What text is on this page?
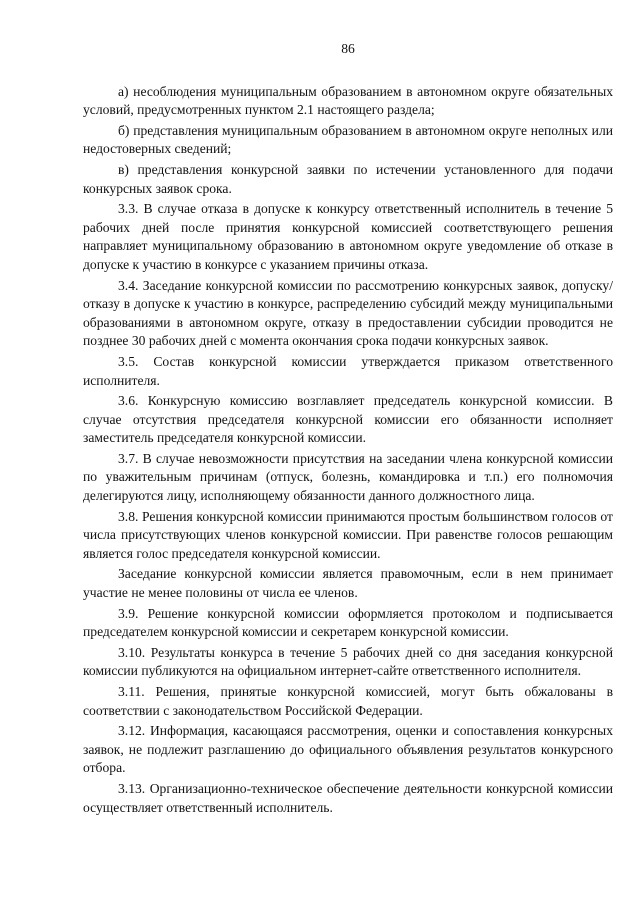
86

а) несоблюдения муниципальным образованием в автономном округе обязательных условий, предусмотренных пунктом 2.1 настоящего раздела;

б) представления муниципальным образованием в автономном округе неполных или недостоверных сведений;

в) представления конкурсной заявки по истечении установленного для подачи конкурсных заявок срока.

3.3. В случае отказа в допуске к конкурсу ответственный исполнитель в течение 5 рабочих дней после принятия конкурсной комиссией соответствующего решения направляет муниципальному образованию в автономном округе уведомление об отказе в допуске к участию в конкурсе с указанием причины отказа.

3.4. Заседание конкурсной комиссии по рассмотрению конкурсных заявок, допуску/отказу в допуске к участию в конкурсе, распределению субсидий между муниципальными образованиями в автономном округе, отказу в предоставлении субсидии проводится не позднее 30 рабочих дней с момента окончания срока подачи конкурсных заявок.

3.5. Состав конкурсной комиссии утверждается приказом ответственного исполнителя.

3.6. Конкурсную комиссию возглавляет председатель конкурсной комиссии. В случае отсутствия председателя конкурсной комиссии его обязанности исполняет заместитель председателя конкурсной комиссии.

3.7. В случае невозможности присутствия на заседании члена конкурсной комиссии по уважительным причинам (отпуск, болезнь, командировка и т.п.) его полномочия делегируются лицу, исполняющему обязанности данного должностного лица.

3.8. Решения конкурсной комиссии принимаются простым большинством голосов от числа присутствующих членов конкурсной комиссии. При равенстве голосов решающим является голос председателя конкурсной комиссии.

Заседание конкурсной комиссии является правомочным, если в нем принимает участие не менее половины от числа ее членов.

3.9. Решение конкурсной комиссии оформляется протоколом и подписывается председателем конкурсной комиссии и секретарем конкурсной комиссии.

3.10. Результаты конкурса в течение 5 рабочих дней со дня заседания конкурсной комиссии публикуются на официальном интернет-сайте ответственного исполнителя.

3.11. Решения, принятые конкурсной комиссией, могут быть обжалованы в соответствии с законодательством Российской Федерации.

3.12. Информация, касающаяся рассмотрения, оценки и сопоставления конкурсных заявок, не подлежит разглашению до официального объявления результатов конкурсного отбора.

3.13. Организационно-техническое обеспечение деятельности конкурсной комиссии осуществляет ответственный исполнитель.
